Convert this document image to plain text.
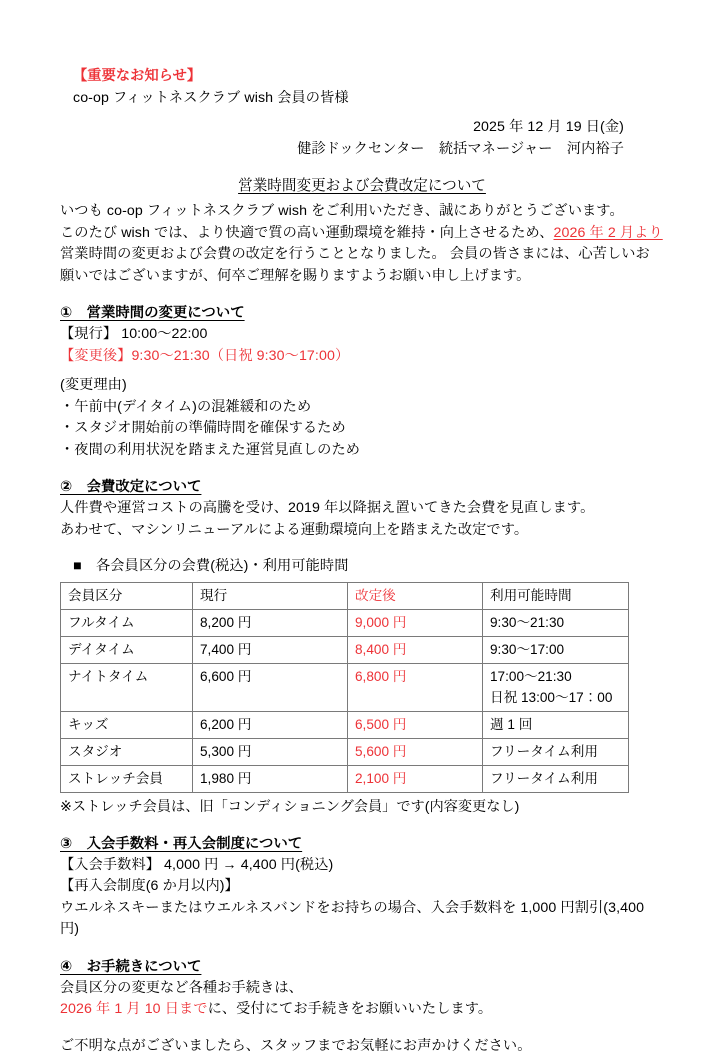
【重要なお知らせ】
co-op フィットネスクラブ wish 会員の皆様
2025 年 12 月 19 日(金)
健診ドックセンター　統括マネージャー　河内裕子
営業時間変更および会費改定について
いつも co-op フィットネスクラブ wish をご利用いただき、誠にありがとうございます。
このたび wish では、より快適で質の高い運動環境を維持・向上させるため、2026 年 2 月より営業時間の変更および会費の改定を行うこととなりました。 会員の皆さまには、心苦しいお願いではございますが、何卒ご理解を賜りますようお願い申し上げます。
①　営業時間の変更について
【現行】 10:00～22:00
【変更後】9:30～21:30（日祝 9:30～17:00）
(変更理由)
・午前中(デイタイム)の混雑緩和のため
・スタジオ開始前の準備時間を確保するため
・夜間の利用状況を踏まえた運営見直しのため
②　会費改定について
人件費や運営コストの高騰を受け、2019 年以降据え置いてきた会費を見直します。
あわせて、マシンリニューアルによる運動環境向上を踏まえた改定です。
■　各会員区分の会費(税込)・利用可能時間
会員区分	現行	改定後	利用可能時間
フルタイム	8,200 円	9,000 円	9:30～21:30
デイタイム	7,400 円	8,400 円	9:30～17:00
ナイトタイム	6,600 円	6,800 円	17:00～21:30
日祝 13:00～17：00

キッズ	6,200 円	6,500 円	週 1 回
スタジオ	5,300 円	5,600 円	フリータイム利用
ストレッチ会員	1,980 円	2,100 円	フリータイム利用
※ストレッチ会員は、旧「コンディショニング会員」です(内容変更なし)
③　入会手数料・再入会制度について
【入会手数料】 4,000 円 → 4,400 円(税込)
【再入会制度(6 か月以内)】
ウエルネスキーまたはウエルネスバンドをお持ちの場合、入会手数料を 1,000 円割引(3,400 円)
④　お手続きについて
会員区分の変更など各種お手続きは、
2026 年 1 月 10 日までに、受付にてお手続きをお願いいたします。
ご不明な点がございましたら、スタッフまでお気軽にお声かけください。
